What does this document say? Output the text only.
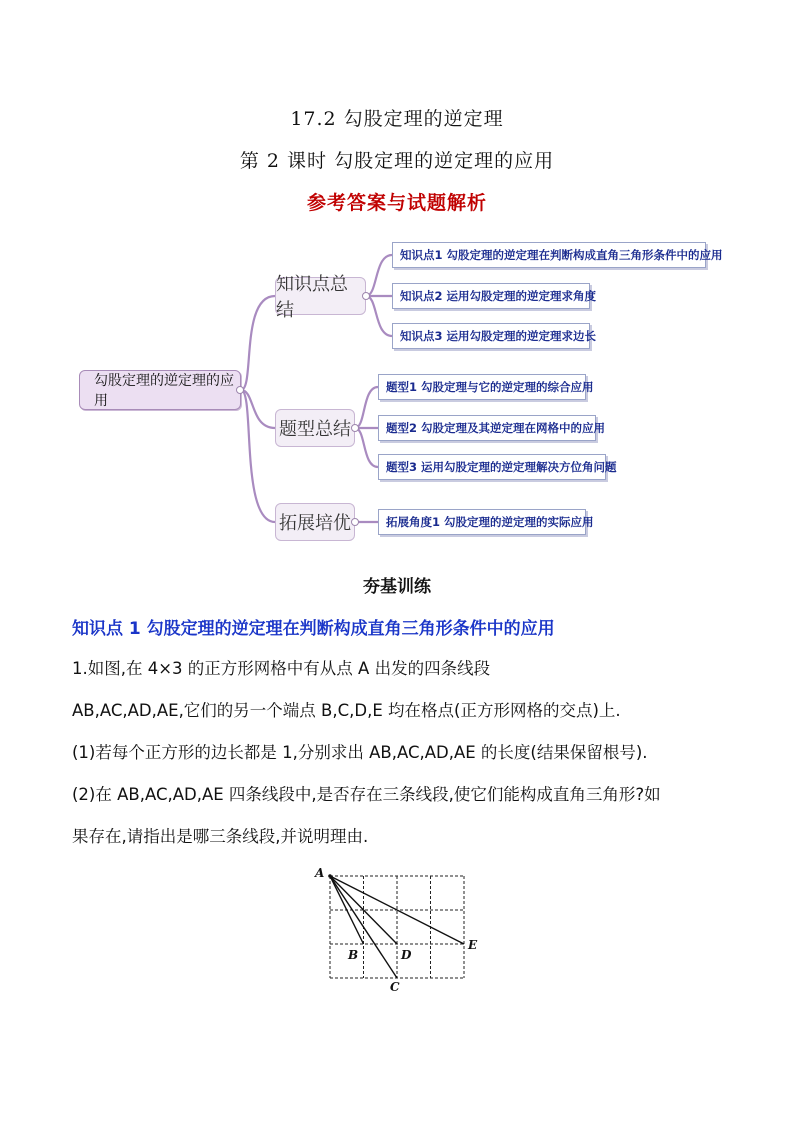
17.2 勾股定理的逆定理
第 2 课时 勾股定理的逆定理的应用
参考答案与试题解析
勾股定理的逆定理的应用
知识点总结
题型总结
拓展培优
知识点1 勾股定理的逆定理在判断构成直角三角形条件中的应用
知识点2 运用勾股定理的逆定理求角度
知识点3 运用勾股定理的逆定理求边长
题型1 勾股定理与它的逆定理的综合应用
题型2 勾股定理及其逆定理在网格中的应用
题型3 运用勾股定理的逆定理解决方位角问题
拓展角度1 勾股定理的逆定理的实际应用
夯基训练
知识点 1 勾股定理的逆定理在判断构成直角三角形条件中的应用
1.如图,在 4×3 的正方形网格中有从点 A 出发的四条线段
AB,AC,AD,AE,它们的另一个端点 B,C,D,E 均在格点(正方形网格的交点)上.
(1)若每个正方形的边长都是 1,分别求出 AB,AC,AD,AE 的长度(结果保留根号).
(2)在 AB,AC,AD,AE 四条线段中,是否存在三条线段,使它们能构成直角三角形?如
果存在,请指出是哪三条线段,并说明理由.
A
B
C
D
E
